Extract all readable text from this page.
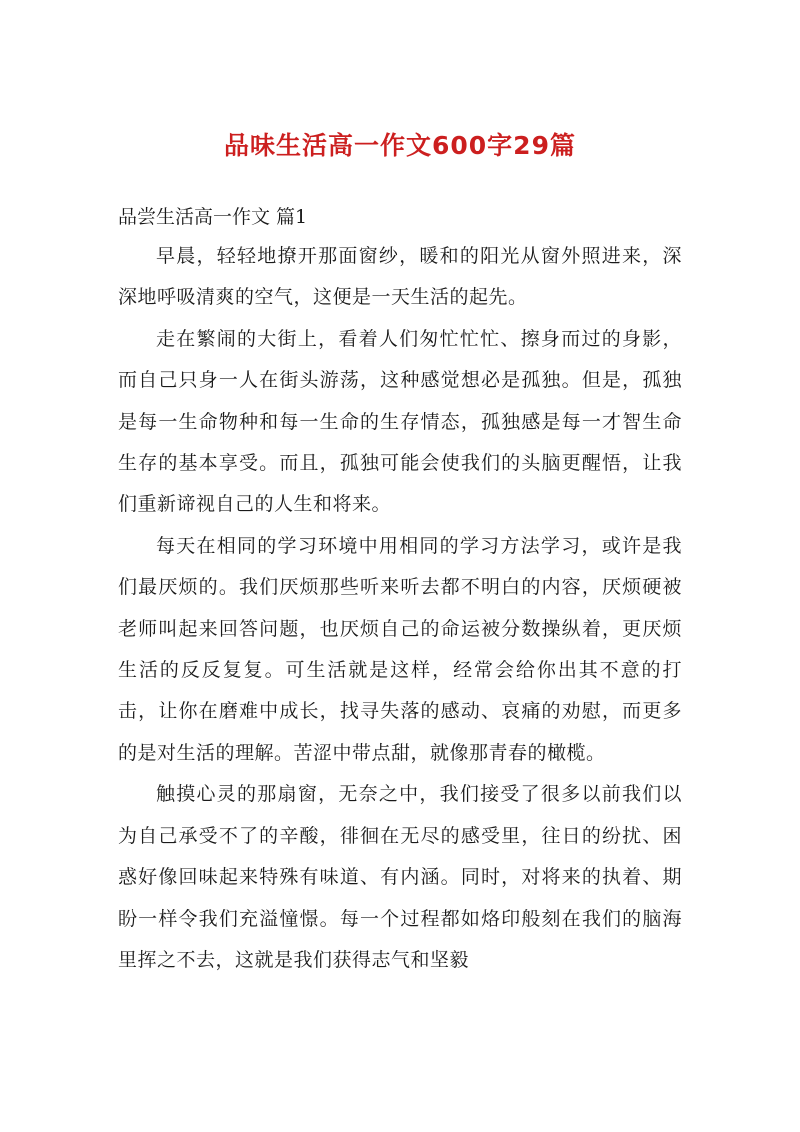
品味生活高一作文600字29篇
品尝生活高一作文 篇1

早晨，轻轻地撩开那面窗纱，暖和的阳光从窗外照进来，深深地呼吸清爽的空气，这便是一天生活的起先。

走在繁闹的大街上，看着人们匆忙忙忙、擦身而过的身影，而自己只身一人在街头游荡，这种感觉想必是孤独。但是，孤独是每一生命物种和每一生命的生存情态，孤独感是每一才智生命生存的基本享受。而且，孤独可能会使我们的头脑更醒悟，让我们重新谛视自己的人生和将来。

每天在相同的学习环境中用相同的学习方法学习，或许是我们最厌烦的。我们厌烦那些听来听去都不明白的内容，厌烦硬被老师叫起来回答问题，也厌烦自己的命运被分数操纵着，更厌烦生活的反反复复。可生活就是这样，经常会给你出其不意的打击，让你在磨难中成长，找寻失落的感动、哀痛的劝慰，而更多的是对生活的理解。苦涩中带点甜，就像那青春的橄榄。

触摸心灵的那扇窗，无奈之中，我们接受了很多以前我们以为自己承受不了的辛酸，徘徊在无尽的感受里，往日的纷扰、困惑好像回味起来特殊有味道、有内涵。同时，对将来的执着、期盼一样令我们充溢憧憬。每一个过程都如烙印般刻在我们的脑海里挥之不去，这就是我们获得志气和坚毅
